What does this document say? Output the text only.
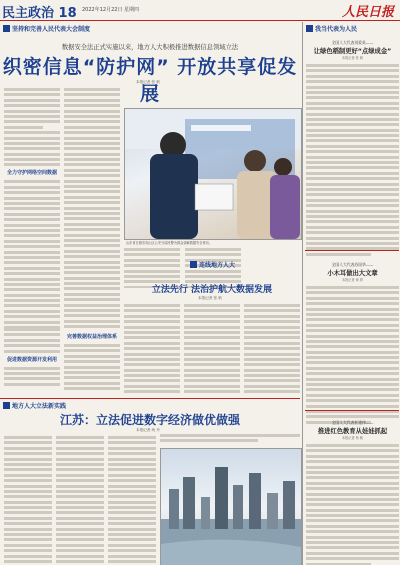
民主政治 18 2022年12月22日 星期四	人民日报
坚持和完善人民代表大会制度
数据安全法正式实施以来，地方人大积极推进数据信息领域立法
织密信息“防护网” 开放共享促发展
本报记者 张 帆
全力守护网络空间数据
山东省日照市岚山区公安分局民警为群众讲解数据安全常识。
完善数据权益治理体系
促进数据资源开发利用
连线地方人大
立法先行 法治护航大数据发展
本报记者 张 帆
地方人大立法新实践
江苏：立法促进数字经济做优做强
本报记者 尚 丹
我当代表为人民
全国人大代表刘爱英——
让绿色稻制更好“点绿成金”
本报记者 张 帆
全国人大代表苏国华——
小木耳做出大文章
本报记者 黄 婷
全国人大代表杜建伟——
推进红色教育从娃娃抓起
本报记者 杨 帆
